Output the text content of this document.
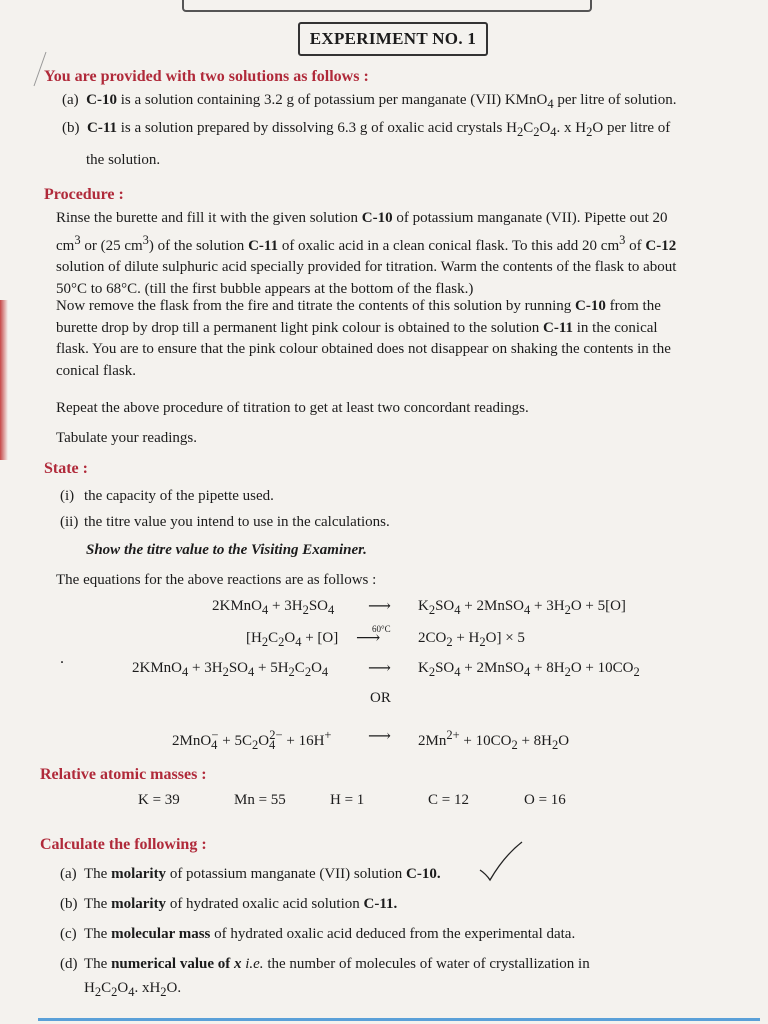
EXPERIMENT NO. 1
You are provided with two solutions as follows :
(a) C-10 is a solution containing 3.2 g of potassium per manganate (VII) KMnO$_4$ per litre of solution.
(b) C-11 is a solution prepared by dissolving 6.3 g of oxalic acid crystals $H_2C_2O_4$. x $H_2O$ per litre of
the solution.
Procedure :
Rinse the burette and fill it with the given solution C-10 of potassium manganate (VII). Pipette out 20
$cm^3$ or (25 $cm^3$) of the solution C-11 of oxalic acid in a clean conical flask. To this add 20 $cm^3$ of C-12
solution of dilute sulphuric acid specially provided for titration. Warm the contents of the flask to about
50°C to 68°C. (till the first bubble appears at the bottom of the flask.)
Now remove the flask from the fire and titrate the contents of this solution by running C-10 from the
burette drop by drop till a permanent light pink colour is obtained to the solution C-11 in the conical
flask. You are to ensure that the pink colour obtained does not disappear on shaking the contents in the
conical flask.
Repeat the above procedure of titration to get at least two concordant readings.
Tabulate your readings.
State :
(i) the capacity of the pipette used.
(ii) the titre value you intend to use in the calculations.
Show the titre value to the Visiting Examiner.
The equations for the above reactions are as follows :
2KMnO$_4$ + $3H_2SO_4$ ⟶ $K_2SO_4$ + 2MnSO$_4$ + $3H_2O + 5[O]$
[$H_2C_2O_4 + [O]$
60°C
⟶	$2CO_2 + H_2O] \times 5$
.
2KMnO$_4$ + $3H_2SO_4 + 5H_2C_2O_4$ ⟶ $K_2SO_4$ + 2MnSO$_4$ + $8H_2O + 10CO_2$
OR
$2MnO_4^- + 5C_2O_4^{2-} + 16H^+$ ⟶ $2Mn^{2+} + 10CO_2 + 8H_2O$
Relative atomic masses :
K = 39	Mn = 55	H = 1	C = 12	O = 16
Calculate the following :
(a) The molarity of potassium manganate (VII) solution C-10.
(b) The molarity of hydrated oxalic acid solution C-11.
(c) The molecular mass of hydrated oxalic acid deduced from the experimental data.
(d) The numerical value of x i.e. the number of molecules of water of crystallization in
$H_2C_2O_4$. $xH_2O$.
